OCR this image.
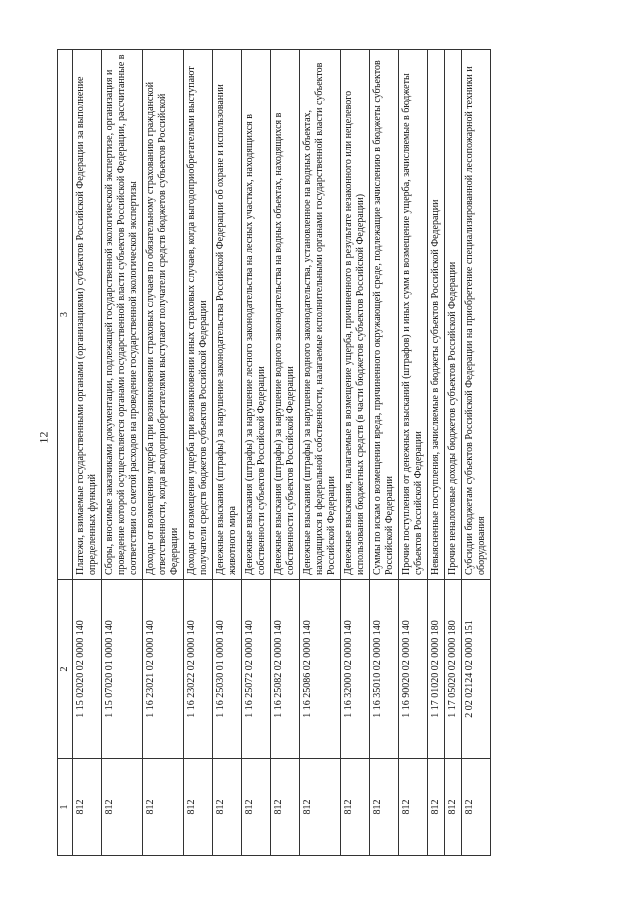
12
1	2	3
812	1 15 02020 02 0000 140	Платежи, взимаемые государственными органами (организациями) субъектов Российской Федерации за выполнение определенных функций
812	1 15 07020 01 0000 140	Сборы, вносимые заказчиками документации, подлежащей государственной экологической экспертизе, организация и проведение которой осуществляется органами государственной власти субъектов Российской Федерации, рассчитанные в соответствии со сметой расходов на проведение государственной экологической экспертизы
812	1 16 23021 02 0000 140	Доходы от возмещения ущерба при возникновении страховых случаев по обязательному страхованию гражданской ответственности, когда выгодоприобретателями выступают получатели средств бюджетов субъектов Российской Федерации
812	1 16 23022 02 0000 140	Доходы от возмещения ущерба при возникновении иных страховых случаев, когда выгодоприобретателями выступают получатели средств бюджетов субъектов Российской Федерации
812	1 16 25030 01 0000 140	Денежные взыскания (штрафы) за нарушение законодательства Российской Федерации об охране и использовании животного мира
812	1 16 25072 02 0000 140	Денежные взыскания (штрафы) за нарушение лесного законодательства на лесных участках, находящихся в собственности субъектов Российской Федерации
812	1 16 25082 02 0000 140	Денежные взыскания (штрафы) за нарушение водного законодательства на водных объектах, находящихся в собственности субъектов Российской Федерации
812	1 16 25086 02 0000 140	Денежные взыскания (штрафы) за нарушение водного законодательства, установленное на водных объектах, находящихся в федеральной собственности, налагаемые исполнительными органами государственной власти субъектов Российской Федерации
812	1 16 32000 02 0000 140	Денежные взыскания, налагаемые в возмещение ущерба, причиненного в результате незаконного или нецелевого использования бюджетных средств (в части бюджетов субъектов Российской Федерации)
812	1 16 35010 02 0000 140	Суммы по искам о возмещении вреда, причиненного окружающей среде, подлежащие зачислению в бюджеты субъектов Российской Федерации
812	1 16 90020 02 0000 140	Прочие поступления от денежных взысканий (штрафов) и иных сумм в возмещение ущерба, зачисляемые в бюджеты субъектов Российской Федерации
812	1 17 01020 02 0000 180	Невыясненные поступления, зачисляемые в бюджеты субъектов Российской Федерации
812	1 17 05020 02 0000 180	Прочие неналоговые доходы бюджетов субъектов Российской Федерации
812	2 02 02124 02 0000 151	Субсидии бюджетам субъектов Российской Федерации на приобретение специализированной лесопожарной техники и оборудования
